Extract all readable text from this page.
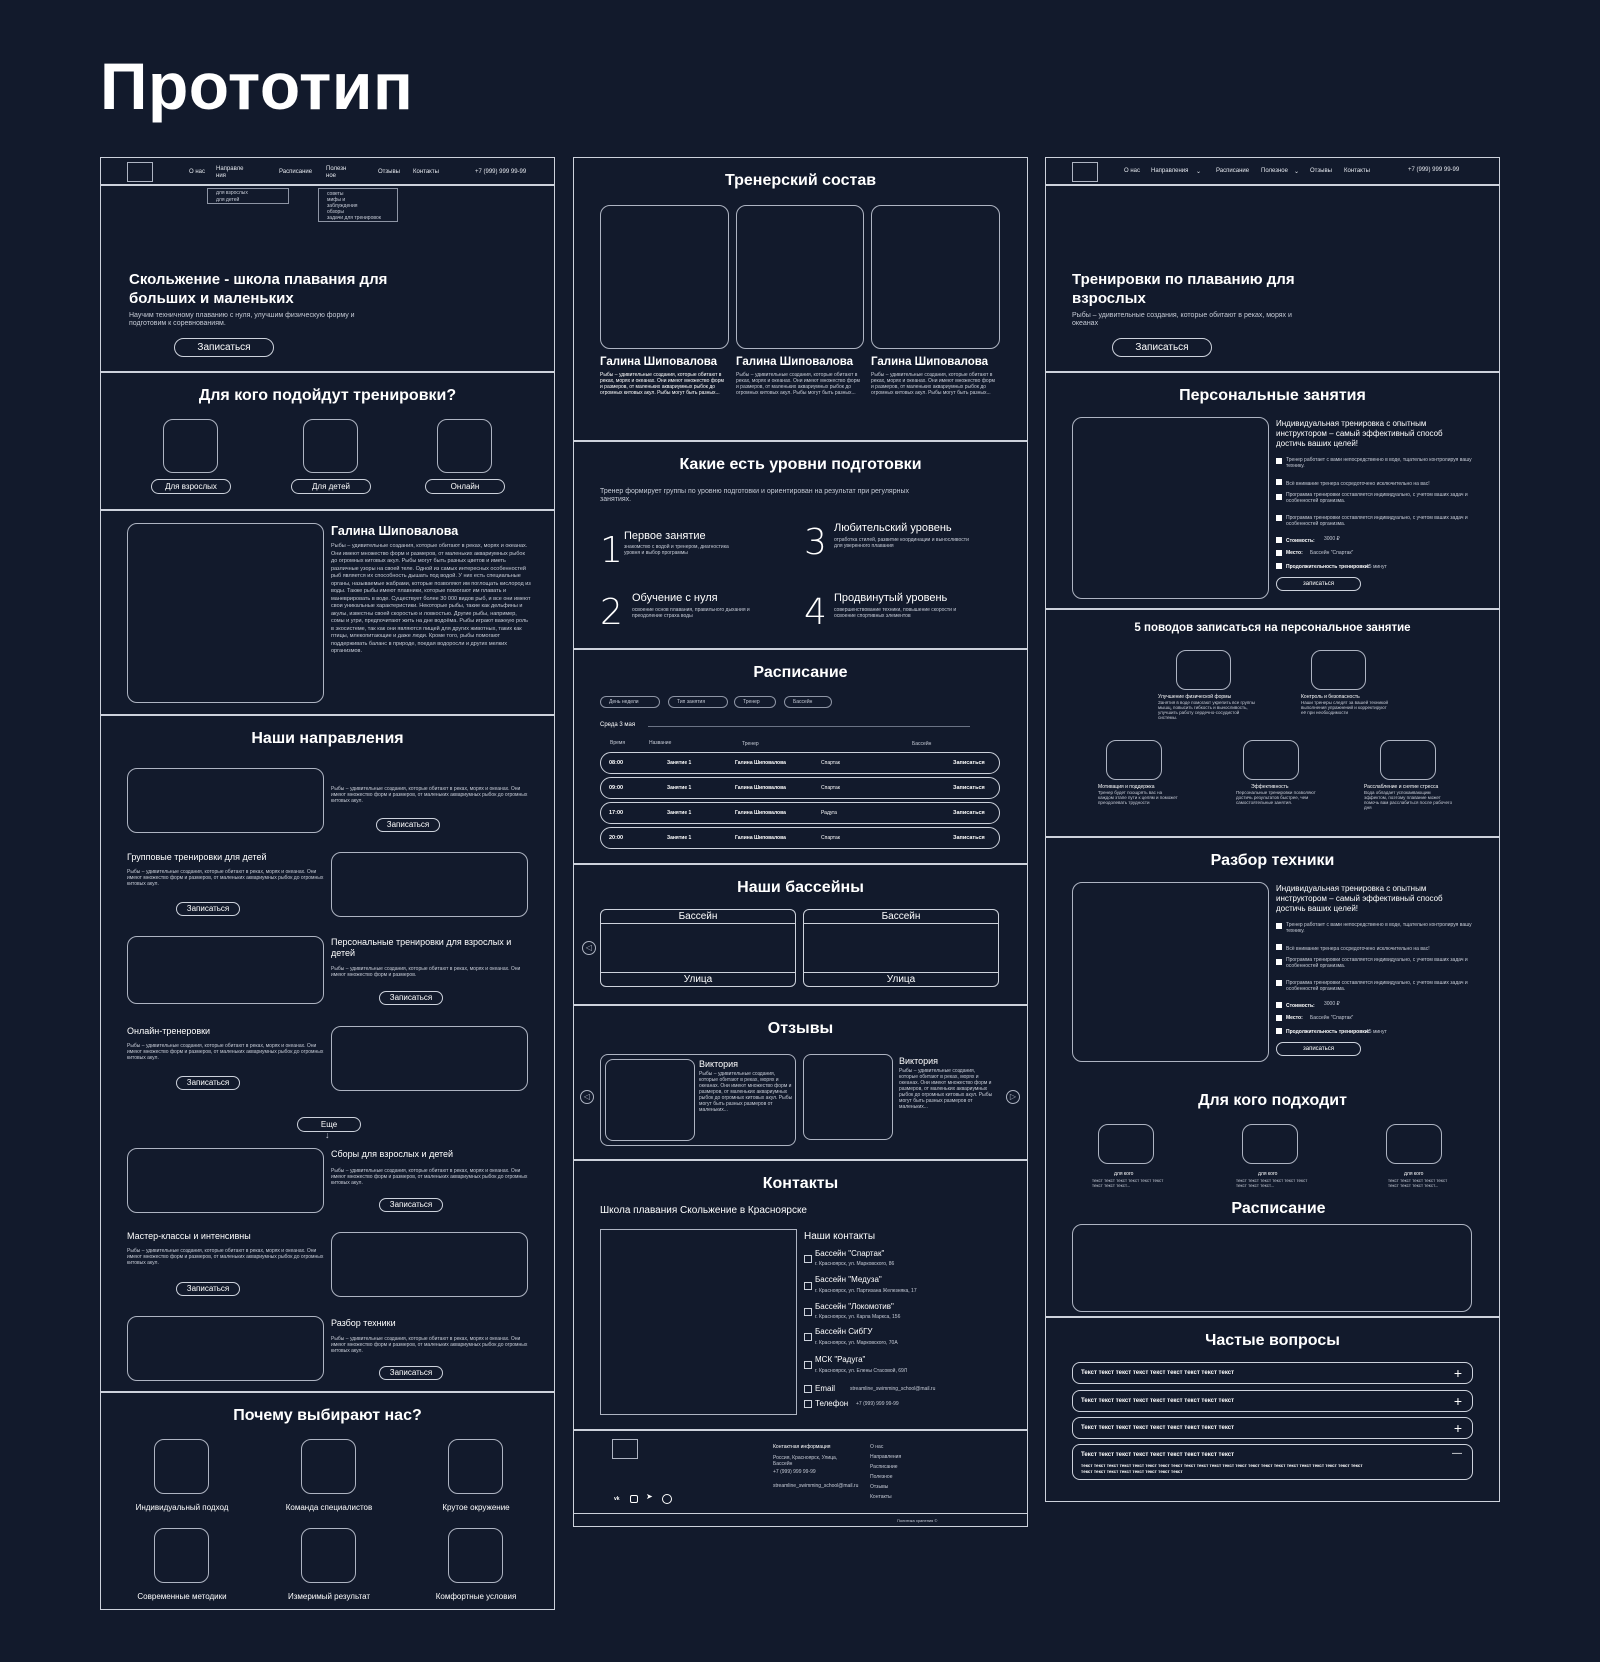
Прототип
О нас Направле ния
Расписание Полезн ное
Отзывы Контакты	+7 (999) 999 99-99
для взрослых
для детей
советы
мифы и заблуждения
обзоры
задачи для тренировок
Скольжение - школа плавания для больших и маленьких
Научим техничному плаванию с нуля, улучшим физическую форму и подготовим к соревнованиям.
Записаться
Для кого подойдут тренировки?
Для взрослых	Для детей	Онлайн
Галина Шиповалова
Рыбы – удивительные создания, которые обитают в реках, морях и океанах. Они имеют множество форм и размеров, от маленьких аквариумных рыбок до огромных китовых акул. Рыбы могут быть разных цветов и иметь различные узоры на своей теле. Одной из самых интересных особенностей рыб является их способность дышать под водой. У них есть специальные органы, называемые жабрами, которые позволяют им поглощать кислород из воды. Также рыбы имеют плавники, которые помогают им плавать и маневрировать в воде. Существует более 30 000 видов рыб, и все они имеют свои уникальные характеристики. Некоторые рыбы, такие как дельфины и акулы, известны своей скоростью и ловкостью. Другие рыбы, например, сомы и угри, предпочитают жить на дне водоёма. Рыбы играют важную роль в экосистеме, так как они являются пищей для других животных, таких как птицы, млекопитающие и даже люди. Кроме того, рыбы помогают поддерживать баланс в природе, поедая водоросли и других мелких организмов.
Наши направления
Рыбы – удивительные создания, которые обитают в реках, морях и океанах. Они имеют множество форм и размеров, от маленьких аквариумных рыбок до огромных китовых акул.
Записаться
Групповые тренировки для детей
Рыбы – удивительные создания, которые обитают в реках, морях и океанах. Они имеют множество форм и размеров, от маленьких аквариумных рыбок до огромных китовых акул.
Записаться
Персональные тренировки для взрослых и детей
Рыбы – удивительные создания, которые обитают в реках, морях и океанах. Они имеют множество форм и размеров.
Записаться
Онлайн-тренеровки
Рыбы – удивительные создания, которые обитают в реках, морях и океанах. Они имеют множество форм и размеров, от маленьких аквариумных рыбок до огромных китовых акул.
Записаться
Еще
↓
Сборы для взрослых и детей
Рыбы – удивительные создания, которые обитают в реках, морях и океанах. Они имеют множество форм и размеров, от маленьких аквариумных рыбок до огромных китовых акул.
Записаться
Мастер-классы и интенсивны
Рыбы – удивительные создания, которые обитают в реках, морях и океанах. Они имеют множество форм и размеров, от маленьких аквариумных рыбок до огромных китовых акул.
Записаться
Разбор техники
Рыбы – удивительные создания, которые обитают в реках, морях и океанах. Они имеют множество форм и размеров, от маленьких аквариумных рыбок до огромных китовых акул.
Записаться
Почему выбирают нас?
Индивидуальный подход	Команда специалистов	Крутое окружение
Современные методики	Измеримый результат	Комфортные условия
Тренерский состав
Галина Шиповалова Галина Шиповалова Галина Шиповалова
Рыбы – удивительные создания, которые обитают в реках, морях и океанах. Они имеют множество форм и размеров, от маленьких аквариумных рыбок до огромных китовых акул. Рыбы могут быть разных...
Рыбы – удивительные создания, которые обитают в реках, морях и океанах. Они имеют множество форм и размеров, от маленьких аквариумных рыбок до огромных китовых акул. Рыбы могут быть разных...
Рыбы – удивительные создания, которые обитают в реках, морях и океанах. Они имеют множество форм и размеров, от маленьких аквариумных рыбок до огромных китовых акул. Рыбы могут быть разных...
Какие есть уровни подготовки
Тренер формирует группы по уровню подготовки и ориентирован на результат при регулярных занятиях.
1 Первое занятие
знакомство с водой и тренером, диагностика уровня и выбор программы	3 Любительский уровень
отработка стилей, развитие координации и выносливости для уверенного плавания
2 Обучение с нуля
освоение основ плавания, правильного дыхания и преодоление страха воды	4 Продвинутый уровень
совершенствование техники, повышение скорости и освоение спортивных элементов
Расписание
День недели	Тип занятия	Тренер	Бассейн
Среда 3 мая
Время	Название	Тренер	Бассейн
08:00	Занятие 1	Галина Шиповалова	Спартак	Записаться
09:00	Занятие 1	Галина Шиповалова	Спартак	Записаться
17:00	Занятие 1	Галина Шиповалова	Радуга	Записаться
20:00	Занятие 1	Галина Шиповалова	Спартак	Записаться
Наши бассейны
◁
Бассейн
Улица
Бассейн
Улица
Отзывы
◁	▷
Виктория
Рыбы – удивительные создания, которые обитают в реках, морях и океанах. Они имеют множество форм и размеров, от маленьких аквариумных рыбок до огромных китовых акул. Рыбы могут быть разных размеров от маленьких...
Виктория
Рыбы – удивительные создания, которые обитают в реках, морях и океанах. Они имеют множество форм и размеров, от маленьких аквариумных рыбок до огромных китовых акул. Рыбы могут быть разных размеров от маленьких...
Контакты
Школа плавания Скольжение в Красноярске
Наши контакты
Бассейн "Спартак"
г. Красноярск, ул. Марковского, 86
Бассейн "Медуза"
г. Красноярск, ул. Партизана Железняка, 17
Бассейн "Локомотив"
г. Красноярск, ул. Карла Маркса, 156
Бассейн СибГУ
г. Красноярск, ул. Марковского, 70А
МСК "Радуга"
г. Красноярск, ул. Елены Стасовой, 69Л
Email	streamline_swimming_school@mail.ru
Телефон +7 (999) 999 99-99
Контактная информация
Россия, Красноярск, Улица, Бассейн
+7 (999) 999 99-99
streamline_swimming_school@mail.ru
О нас
Направления
Расписание
Полезное
Отзывы
Контакты
vk	➤
Политика хранения ©
О нас Направления ⌄ Расписание Полезное ⌄ Отзывы Контакты	+7 (999) 999 99-99
Тренировки по плаванию для взрослых
Рыбы – удивительные создания, которые обитают в реках, морях и океанах
Записаться
Персональные занятия
Индивидуальная тренировка с опытным инструктором – самый эффективный способ достичь ваших целей!
Тренер работает с вами непосредственно в воде, тщательно контролируя вашу технику.
Всё внимание тренера сосредоточено исключительно на вас!
Программа тренировки составляется индивидуально, с учетом ваших задач и особенностей организма.
Программа тренировки составляется индивидуально, с учетом ваших задач и особенностей организма.
Стоимость: 3000 ₽
Место: Бассейн "Спартак"
Продолжительность тренировки:
45 минут
записаться
5 поводов записаться на персональное занятие
Улучшение физической формы
Занятия в воде помогают укрепить все группы мышц, повысить гибкость и выносливость, улучшить работу сердечно-сосудистой системы.
Контроль и безопасность
Наши тренеры следят за вашей техникой выполнения упражнений и корректируют её при необходимости
Мотивация и поддержка
Тренер будет поощрять вас на каждом этапе пути к целям и поможет преодолевать трудности
Эффективность
Персональные тренировки позволяют достичь результатов быстрее, чем самостоятельные занятия.
Расслабление и снятие стресса
Вода обладает успокаивающим эффектом, поэтому плавание может помочь вам расслабиться после рабочего дня
Разбор техники
Индивидуальная тренировка с опытным инструктором – самый эффективный способ достичь ваших целей!
Тренер работает с вами непосредственно в воде, тщательно контролируя вашу технику.
Всё внимание тренера сосредоточено исключительно на вас!
Программа тренировки составляется индивидуально, с учетом ваших задач и особенностей организма.
Программа тренировки составляется индивидуально, с учетом ваших задач и особенностей организма.
Стоимость: 3000 ₽
Место: Бассейн "Спартак"
Продолжительность тренировки:
45 минут
записаться
Для кого подходит
для кого
текст текст текст текст текст текст текст текст текст...
для кого
текст текст текст текст текст текст текст текст текст...
для кого
текст текст текст текст текст текст текст текст текст...
Расписание
Частые вопросы
Текст текст текст текст текст текст текст текст текст	+
Текст текст текст текст текст текст текст текст текст	+
Текст текст текст текст текст текст текст текст текст	+
Текст текст текст текст текст текст текст текст текст	—
текст текст текст текст текст текст текст текст текст текст текст текст текст текст текст текст текст текст текст текст текст текст текст текст текст текст текст текст текст текст
